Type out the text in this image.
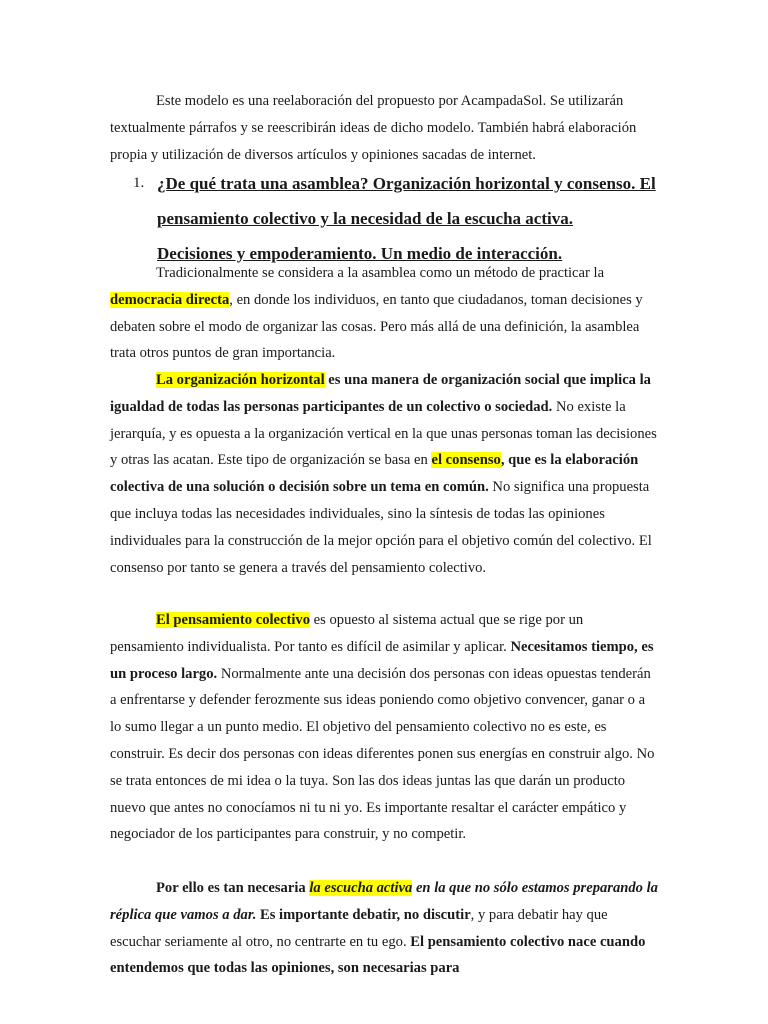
Este modelo es una reelaboración del propuesto por AcampadaSol. Se utilizarán textualmente párrafos y se reescribirán ideas de dicho modelo. También habrá elaboración propia y utilización de diversos artículos y opiniones sacadas de internet.

1. ¿De qué trata una asamblea? Organización horizontal y consenso. El
pensamiento colectivo y la necesidad de la escucha activa.
Decisiones y empoderamiento. Un medio de interacción.

Tradicionalmente se considera a la asamblea como un método de practicar la democracia directa, en donde los individuos, en tanto que ciudadanos, toman decisiones y debaten sobre el modo de organizar las cosas. Pero más allá de una definición, la asamblea trata otros puntos de gran importancia.

La organización horizontal es una manera de organización social que implica la igualdad de todas las personas participantes de un colectivo o sociedad. No existe la jerarquía, y es opuesta a la organización vertical en la que unas personas toman las decisiones y otras las acatan. Este tipo de organización se basa en el consenso, que es la elaboración colectiva de una solución o decisión sobre un tema en común. No significa una propuesta que incluya todas las necesidades individuales, sino la síntesis de todas las opiniones individuales para la construcción de la mejor opción para el objetivo común del colectivo. El consenso por tanto se genera a través del pensamiento colectivo.

El pensamiento colectivo es opuesto al sistema actual que se rige por un pensamiento individualista. Por tanto es difícil de asimilar y aplicar. Necesitamos tiempo, es un proceso largo. Normalmente ante una decisión dos personas con ideas opuestas tenderán a enfrentarse y defender ferozmente sus ideas poniendo como objetivo convencer, ganar o a lo sumo llegar a un punto medio. El objetivo del pensamiento colectivo no es este, es construir. Es decir dos personas con ideas diferentes ponen sus energías en construir algo. No se trata entonces de mi idea o la tuya. Son las dos ideas juntas las que darán un producto nuevo que antes no conocíamos ni tu ni yo. Es importante resaltar el carácter empático y negociador de los participantes para construir, y no competir.

Por ello es tan necesaria la escucha activa en la que no sólo estamos preparando la réplica que vamos a dar. Es importante debatir, no discutir, y para debatir hay que escuchar seriamente al otro, no centrarte en tu ego. El pensamiento colectivo nace cuando entendemos que todas las opiniones, son necesarias para
